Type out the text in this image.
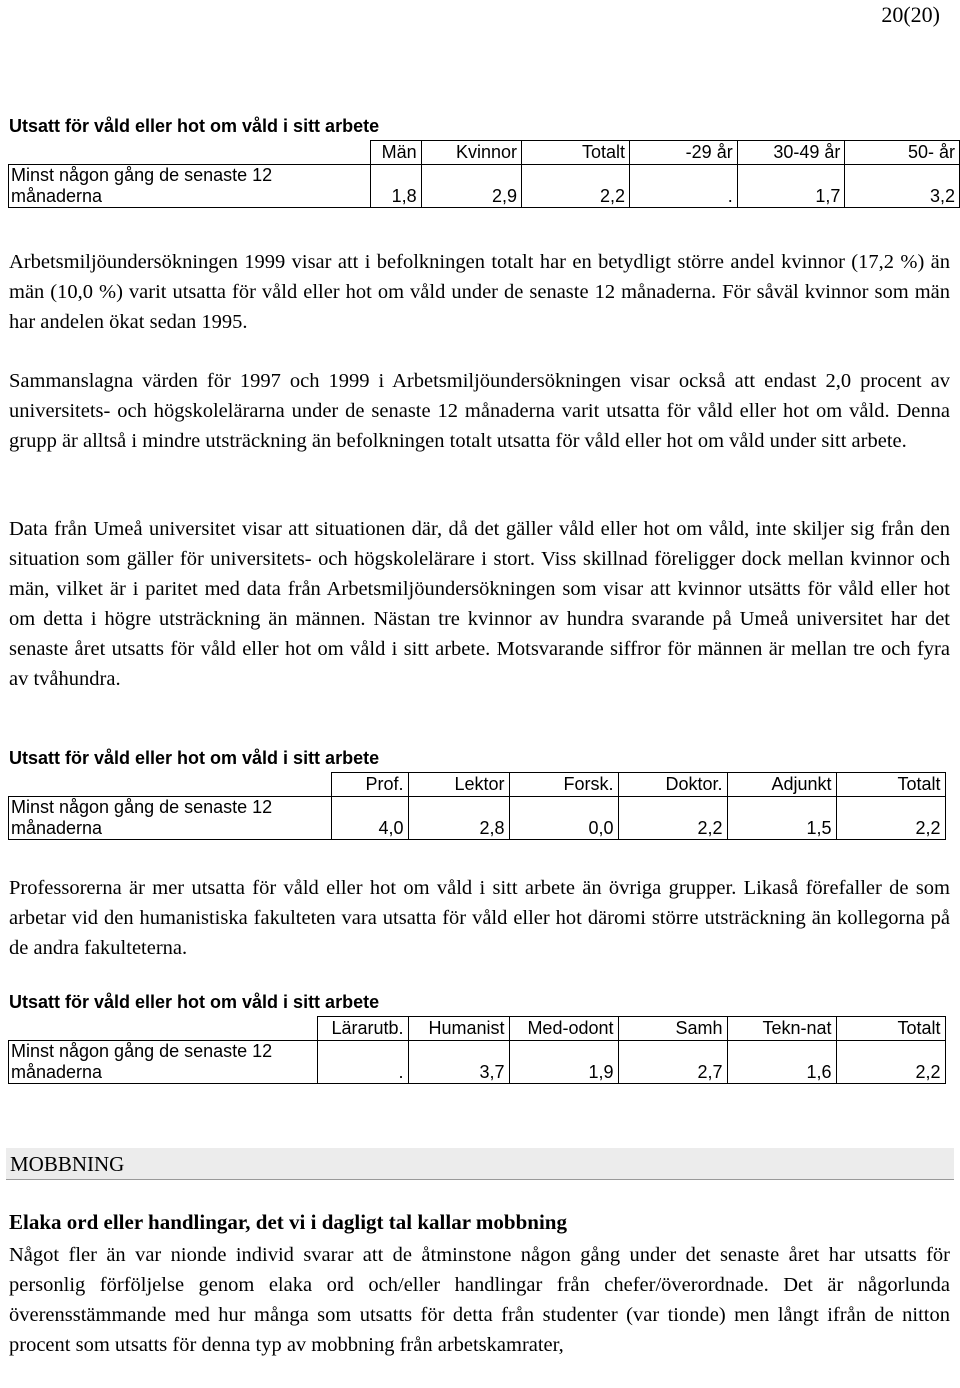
20(20)
Utsatt för våld eller hot om våld i sitt arbete
	Män	Kvinnor	Totalt	-29 år	30-49 år	50- år
Minst någon gång de senaste 12
månaderna	1,8	2,9	2,2	.	1,7	3,2

Arbetsmiljöundersökningen 1999 visar att i befolkningen totalt har en betydligt större andel kvinnor (17,2 %) än män (10,0 %) varit utsatta för våld eller hot om våld under de senaste 12 månaderna. För såväl kvinnor som män har andelen ökat sedan 1995.

Sammanslagna värden för 1997 och 1999 i Arbetsmiljöundersökningen visar också att endast 2,0 procent av universitets- och högskolelärarna under de senaste 12 månaderna varit utsatta för våld eller hot om våld. Denna grupp är alltså i mindre utsträckning än befolkningen totalt utsatta för våld eller hot om våld under sitt arbete.

Data från Umeå universitet visar att situationen där, då det gäller våld eller hot om våld, inte skiljer sig från den situation som gäller för universitets- och högskolelärare i stort. Viss skillnad föreligger dock mellan kvinnor och män, vilket är i paritet med data från Arbetsmiljöundersökningen som visar att kvinnor utsätts för våld eller hot om detta i högre utsträckning än männen. Nästan tre kvinnor av hundra svarande på Umeå universitet har det senaste året utsatts för våld eller hot om våld i sitt arbete. Motsvarande siffror för männen är mellan tre och fyra av tvåhundra.

Utsatt för våld eller hot om våld i sitt arbete
	Prof.	Lektor	Forsk.	Doktor.	Adjunkt	Totalt
Minst någon gång de senaste 12
månaderna	4,0	2,8	0,0	2,2	1,5	2,2

Professorerna är mer utsatta för våld eller hot om våld i sitt arbete än övriga grupper. Likaså förefaller de som arbetar vid den humanistiska fakulteten vara utsatta för våld eller hot däromi större utsträckning än kollegorna på de andra fakulteterna.

Utsatt för våld eller hot om våld i sitt arbete
	Lärarutb.	Humanist	Med-odont	Samh	Tekn-nat	Totalt
Minst någon gång de senaste 12
månaderna	.	3,7	1,9	2,7	1,6	2,2
MOBBNING
Elaka ord eller handlingar, det vi i dagligt tal kallar mobbning

Något fler än var nionde individ svarar att de åtminstone någon gång under det senaste året har utsatts för personlig förföljelse genom elaka ord och/eller handlingar från chefer/överordnade. Det är någorlunda överensstämmande med hur många som utsatts för detta från studenter (var tionde) men långt ifrån de nitton procent som utsatts för denna typ av mobbning från arbetskamrater,
